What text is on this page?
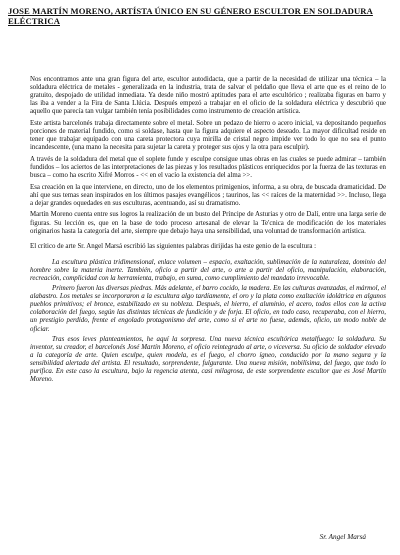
JOSE MARTÍN MORENO, ARTÍSTA ÚNICO EN SU GÉNERO ESCULTOR EN SOLDADURA ELÉCTRICA

Nos encontramos ante una gran figura del arte, escultor autodidacta, que a partir de la necesidad de utilizar una técnica – la soldadura eléctrica de metales - generalizada en la industria, trata de salvar el peldaño que lleva el arte que es el reino de lo gratuito, despojado de utilidad inmediata. Ya desde niño mostró aptitudes para el arte escultórico ; realizaba figuras en barro y las iba a vender a la Fira de Santa Llúcia. Después empezó a trabajar en el oficio de la soldadura eléctrica y descubrió que aquello que parecía tan vulgar también tenía posibilidades como instrumento de creación artística.

Este artista barcelonés trabaja directamente sobre el metal. Sobre un pedazo de hierro o acero inicial, va depositando pequeños porciones de material fundido, como si soldase, hasta que la figura adquiere el aspecto deseado. La mayor dificultad reside en tener que trabajar equipado con una careta protectora cuya mirilla de cristal negro impide ver todo lo que no sea el punto incandescente, (una mano la necesita para sujetar la careta y proteger sus ojos y la otra para esculpir).

A través de la soldadura del metal que el soplete funde y esculpe consigue unas obras en las cuales se puede admirar – también fundidos – los aciertos de las interpretaciones de las piezas y los resultados plásticos enriquecidos por la fuerza de las texturas en busca – como ha escrito Xifré Morros - << en el vacío la existencia del alma >>.

Esa creación en la que interviene, en directo, uno de los elementos primigenios, informa, a su obra, de buscada dramaticidad. De ahí que sus temas sean inspirados en los últimos pasajes evangélicos ; taurinos, las << raíces de la maternidad >>. Incluso, llega a dejar grandes oquedades en sus esculturas, acentuando, así su dramatismo.

Martín Moreno cuenta entre sus logros la realización de un busto del Príncipe de Asturias y otro de Dalí, entre una larga serie de figuras. Su lección es, que en la base de todo proceso artesanal de elevar la Te'cnica de modificación de los materiales originarios hasta la categoría del arte, siempre que debajo haya una sensibilidad, una voluntad de transformación artística.

El crítico de arte Sr. Angel Marsá escribió las siguientes palabras dirijidas ha este genio de la escultura :

La escultura plástica tridimensional, enlace volumen – espacio, exaltación, sublimación de la naturaleza, dominio del hombre sobre la materia inerte. También, oficio a partir del arte, o arte a partir del oficio, manipulación, elaboración, recreación, complicidad con la herramienta, trabajo, en suma, como cumplimiento del mandato irrevocable.

Primero fueron las diversas piedras. Más adelante, el barro cocido, la madera. En las culturas avanzadas, el mármol, el alabastro. Los metales se incorporaron a la escultura algo tardíamente, el oro y la plata como exaltación idolátrica en algunos pueblos primitivos; el bronce, estabilizado en su nobleza. Después, el hierro, el aluminio, el acero, todos ellos con la activa colaboración del fuego, según las distintas técnicas de fundición y de forja. El oficio, en todo caso, recuperaba, con el hierro, un prestigio perdido, frente el engolado protagonismo del arte, como si el arte no fuese, además, oficio, un modo noble de oficiar.

Tras esos leves planteamientos, he aquí la sorpresa. Una nueva técnica escultórica metalfuego: la soldadura. Su inventor, su creador, el barcelonés José Martín Moreno, el oficio reintegrado al arte, o viceversa. Su oficio de soldador elevado a la categoría de arte. Quien esculpe, quien modela, es el fuego, el chorro ígneo, conducido por la mano segura y la sensibilidad alertada del artista. El resultado, sorprendente, fulgurante. Una nueva misión, nobilísima, del fuego, que todo lo purifica. En este caso la escultura, bajo la regencia atenta, casi milagrosa, de este sorprendente escultor que es José Martín Moreno.

Sr. Angel Marsá
